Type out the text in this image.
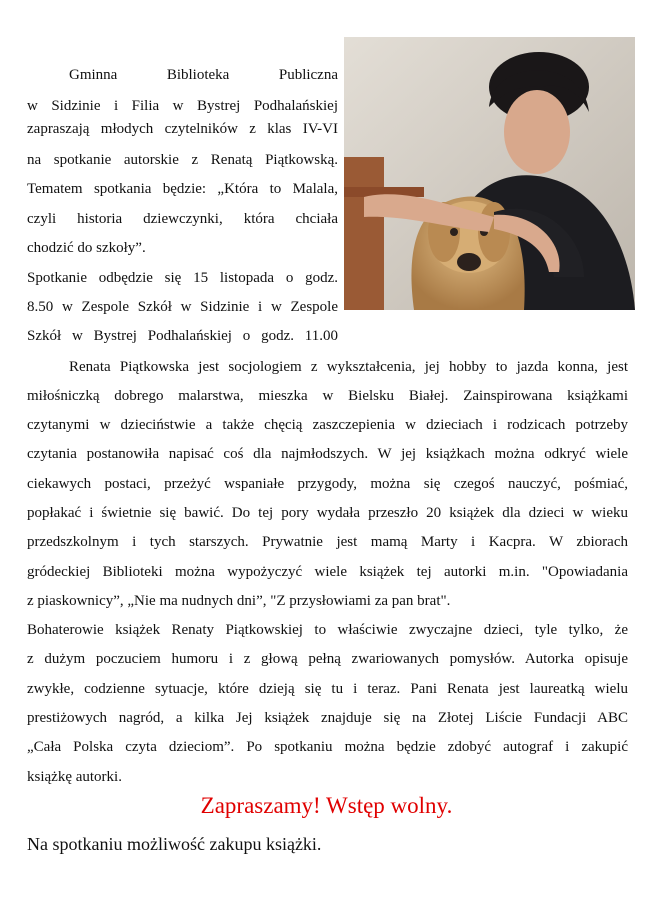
Gminna Biblioteka Publiczna
w Sidzinie i Filia w Bystrej Podhalańskiej
zapraszają młodych czytelników z klas IV-VI
na spotkanie autorskie z Renatą Piątkowską.
Tematem spotkania będzie: „Która to Malala,
czyli historia dziewczynki, która chciała
chodzić do szkoły”.
Spotkanie odbędzie się 15 listopada o godz.
8.50 w Zespole Szkół w Sidzinie i w Zespole
Szkół w Bystrej Podhalańskiej o godz. 11.00
Renata Piątkowska jest socjologiem z wykształcenia, jej hobby to jazda konna, jest
miłośniczką dobrego malarstwa, mieszka w Bielsku Białej. Zainspirowana książkami
czytanymi w dzieciństwie a także chęcią zaszczepienia w dzieciach i rodzicach potrzeby
czytania postanowiła napisać coś dla najmłodszych. W jej książkach można odkryć wiele
ciekawych postaci, przeżyć wspaniałe przygody, można się czegoś nauczyć, pośmiać,
popłakać i świetnie się bawić. Do tej pory wydała przeszło 20 książek dla dzieci w wieku
przedszkolnym i tych starszych. Prywatnie jest mamą Marty i Kacpra. W zbiorach
gródeckiej Biblioteki można wypożyczyć wiele książek tej autorki m.in. "Opowiadania
z piaskownicy”, „Nie ma nudnych dni”, "Z przysłowiami za pan brat".
Bohaterowie książek Renaty Piątkowskiej to właściwie zwyczajne dzieci, tyle tylko, że
z dużym poczuciem humoru i z głową pełną zwariowanych pomysłów. Autorka opisuje
zwykłe, codzienne sytuacje, które dzieją się tu i teraz. Pani Renata jest laureatką wielu
prestiżowych nagród, a kilka Jej książek znajduje się na Złotej Liście Fundacji ABC
„Cała Polska czyta dzieciom”. Po spotkaniu można będzie zdobyć autograf i zakupić
książkę autorki.
Zapraszamy! Wstęp wolny.
Na spotkaniu możliwość zakupu książki.
